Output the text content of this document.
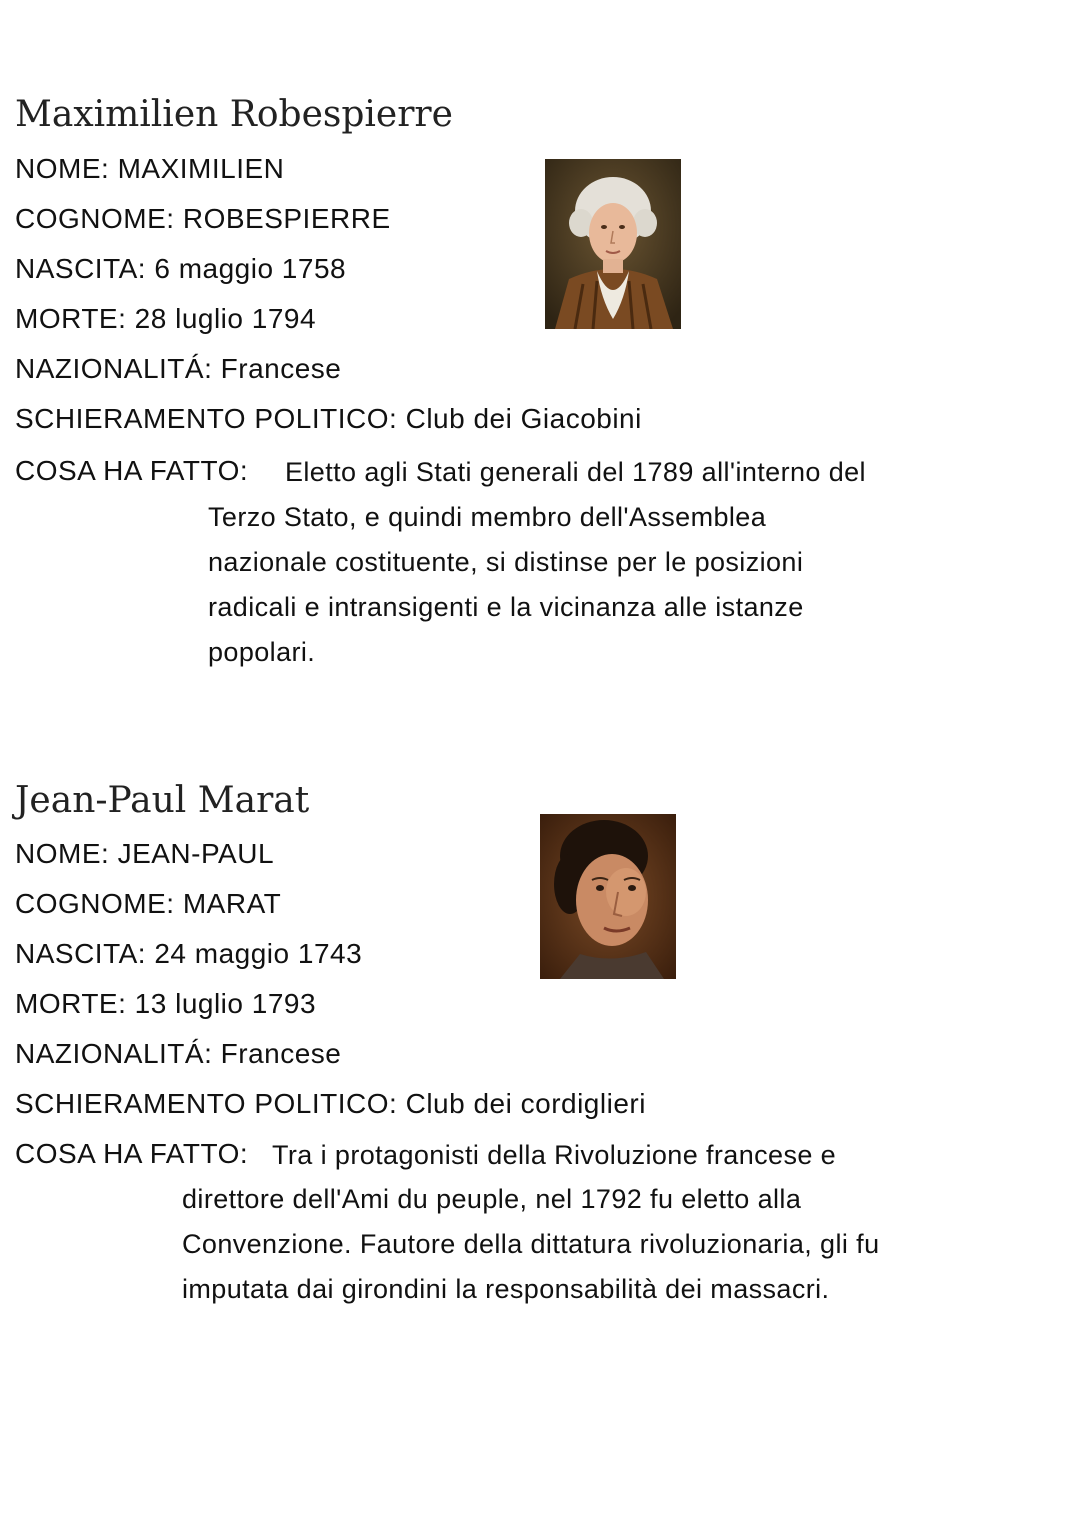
Maximilien Robespierre
NOME: MAXIMILIEN
COGNOME: ROBESPIERRE
NASCITA: 6 maggio 1758
MORTE: 28 luglio 1794
NAZIONALITÁ: Francese
SCHIERAMENTO POLITICO: Club dei Giacobini
COSA HA FATTO: Eletto agli Stati generali del 1789 all'interno del
Terzo Stato, e quindi membro dell'Assemblea
nazionale costituente, si distinse per le posizioni
radicali e intransigenti e la vicinanza alle istanze
popolari.
Jean-Paul Marat
NOME: JEAN-PAUL
COGNOME: MARAT
NASCITA: 24 maggio 1743
MORTE: 13 luglio 1793
NAZIONALITÁ: Francese
SCHIERAMENTO POLITICO: Club dei cordiglieri
COSA HA FATTO: Tra i protagonisti della Rivoluzione francese e
direttore dell'Ami du peuple, nel 1792 fu eletto alla
Convenzione. Fautore della dittatura rivoluzionaria, gli fu
imputata dai girondini la responsabilità dei massacri.
